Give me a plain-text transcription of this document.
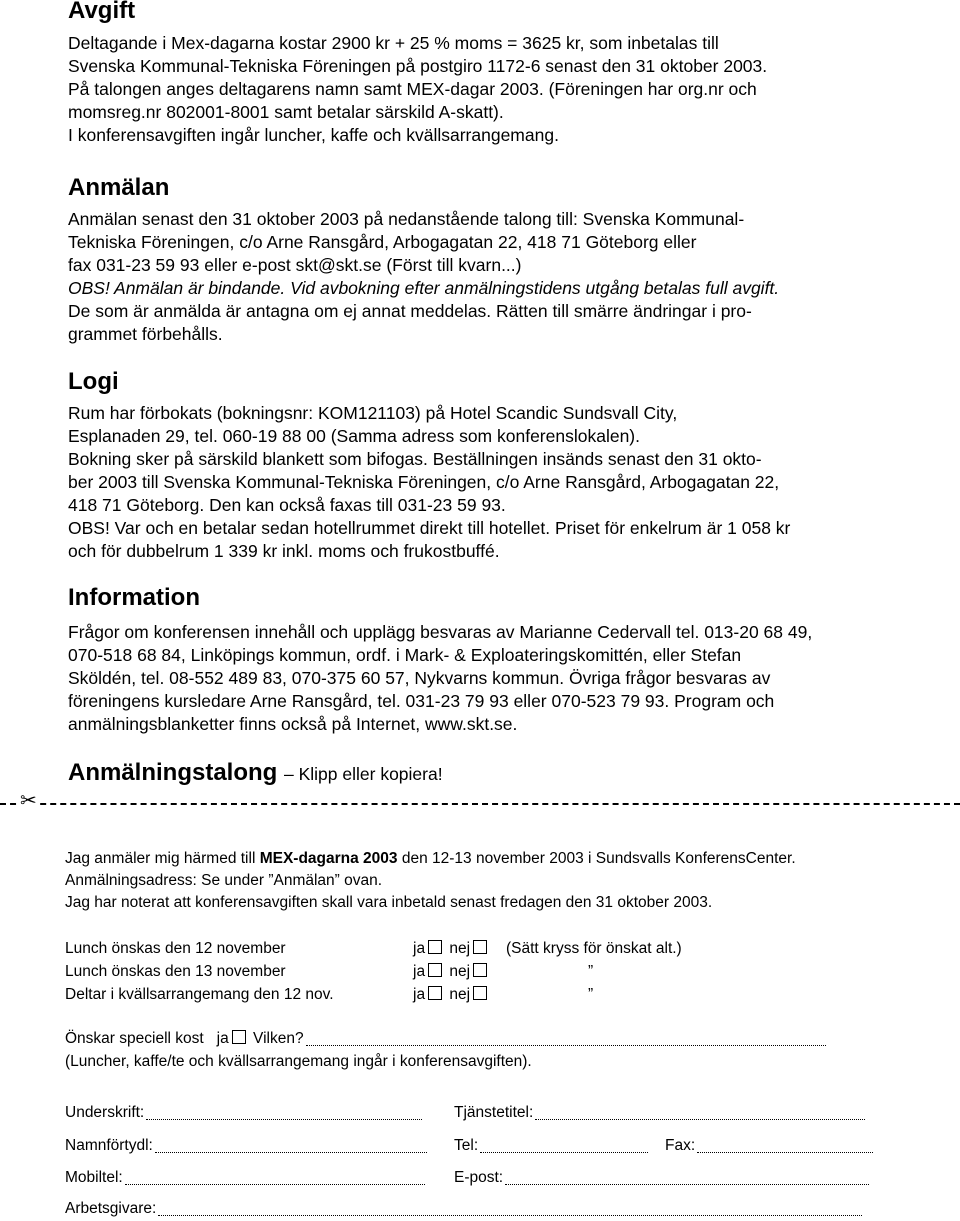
Avgift
Deltagande i Mex-dagarna kostar 2900 kr + 25 % moms = 3625 kr, som inbetalas till
Svenska Kommunal-Tekniska Föreningen på postgiro 1172-6 senast den 31 oktober 2003.
På talongen anges deltagarens namn samt MEX-dagar 2003. (Föreningen har org.nr och
momsreg.nr 802001-8001 samt betalar särskild A-skatt).
I konferensavgiften ingår luncher, kaffe och kvällsarrangemang.
Anmälan
Anmälan senast den 31 oktober 2003 på nedanstående talong till: Svenska Kommunal-
Tekniska Föreningen, c/o Arne Ransgård, Arbogagatan 22, 418 71 Göteborg eller
fax 031-23 59 93 eller e-post skt@skt.se (Först till kvarn...)
OBS! Anmälan är bindande. Vid avbokning efter anmälningstidens utgång betalas full avgift.
De som är anmälda är antagna om ej annat meddelas. Rätten till smärre ändringar i pro-
grammet förbehålls.
Logi
Rum har förbokats (bokningsnr: KOM121103) på Hotel Scandic Sundsvall City,
Esplanaden 29, tel. 060-19 88 00 (Samma adress som konferenslokalen).
Bokning sker på särskild blankett som bifogas. Beställningen insänds senast den 31 okto-
ber 2003 till Svenska Kommunal-Tekniska Föreningen, c/o Arne Ransgård, Arbogagatan 22,
418 71 Göteborg. Den kan också faxas till 031-23 59 93.
OBS! Var och en betalar sedan hotellrummet direkt till hotellet. Priset för enkelrum är 1 058 kr
och för dubbelrum 1 339 kr inkl. moms och frukostbuffé.
Information
Frågor om konferensen innehåll och upplägg besvaras av Marianne Cedervall tel. 013-20 68 49,
070-518 68 84, Linköpings kommun, ordf. i Mark- & Exploateringskomittén, eller Stefan
Sköldén, tel. 08-552 489 83, 070-375 60 57, Nykvarns kommun. Övriga frågor besvaras av
föreningens kursledare Arne Ransgård, tel. 031-23 79 93 eller 070-523 79 93. Program och
anmälningsblanketter finns också på Internet, www.skt.se.
Anmälningstalong – Klipp eller kopiera!
✂
Jag anmäler mig härmed till MEX-dagarna 2003 den 12-13 november 2003 i Sundsvalls KonferensCenter.
Anmälningsadress: Se under ”Anmälan” ovan.
Jag har noterat att konferensavgiften skall vara inbetald senast fredagen den 31 oktober 2003.
Lunch önskas den 12 november	ja nej	(Sätt kryss för önskat alt.)
Lunch önskas den 13 november	ja nej	”
Deltar i kvällsarrangemang den 12 nov.	ja nej	”
Önskar speciell kost ja Vilken?
(Luncher, kaffe/te och kvällsarrangemang ingår i konferensavgiften).
Underskrift:	Tjänstetitel:
Namnförtydl:	Tel:	Fax:
Mobiltel:	E-post:
Arbetsgivare:
